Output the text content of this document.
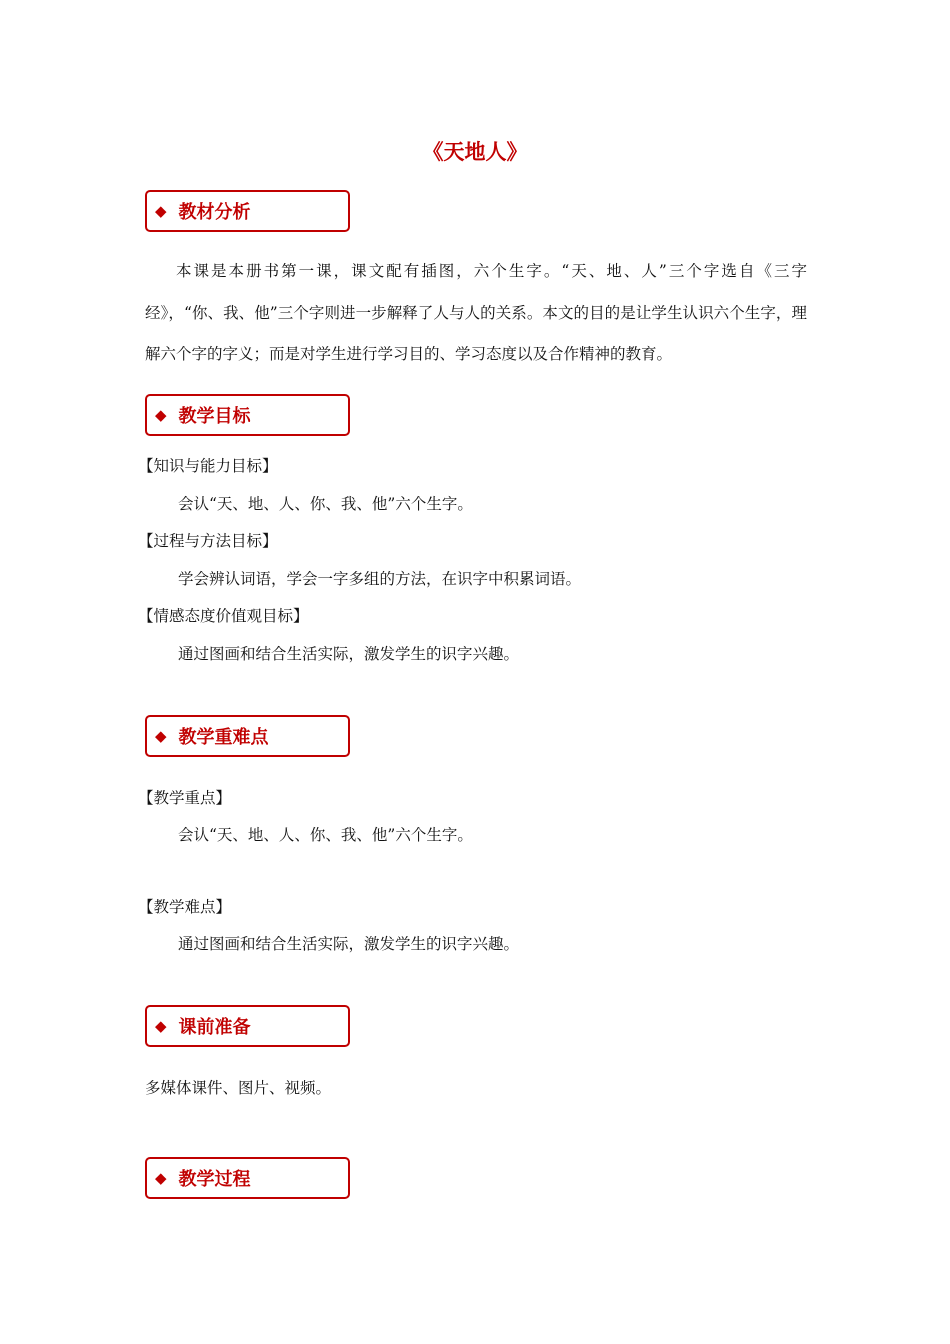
《天地人》
◆ 教材分析
本课是本册书第一课，课文配有插图，六个生字。“天、地、人”三个字选自《三字经》，“你、我、他”三个字则进一步解释了人与人的关系。本文的目的是让学生认识六个生字，理解六个字的字义；而是对学生进行学习目的、学习态度以及合作精神的教育。
◆ 教学目标
【知识与能力目标】
会认“天、地、人、你、我、他”六个生字。
【过程与方法目标】
学会辨认词语，学会一字多组的方法，在识字中积累词语。
【情感态度价值观目标】
通过图画和结合生活实际，激发学生的识字兴趣。
◆ 教学重难点
【教学重点】
会认“天、地、人、你、我、他”六个生字。
【教学难点】
通过图画和结合生活实际，激发学生的识字兴趣。
◆ 课前准备
多媒体课件、图片、视频。
◆ 教学过程
